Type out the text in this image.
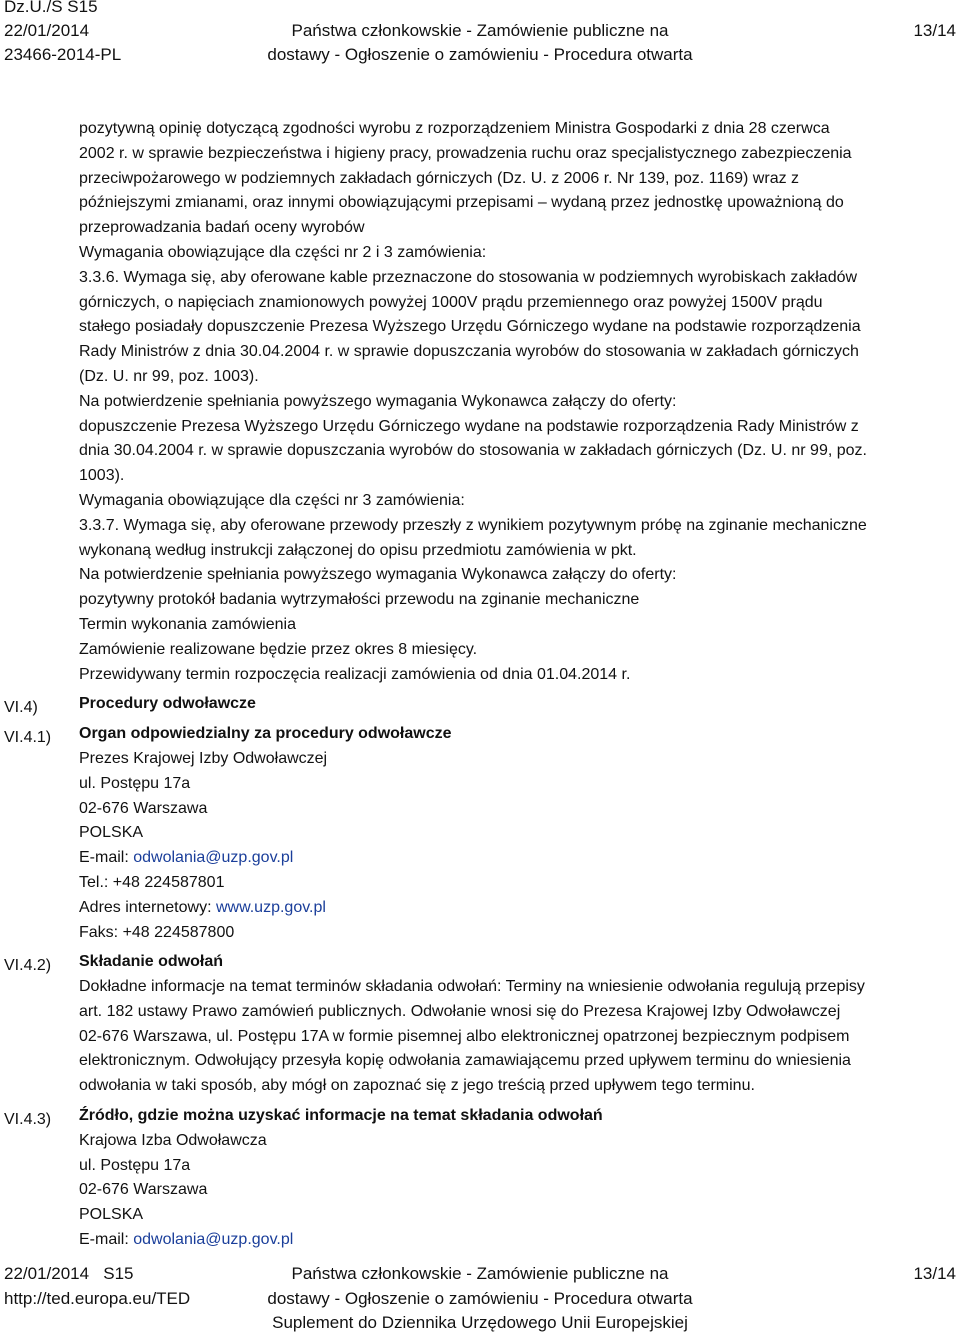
Dz.U./S S15
22/01/2014
23466-2014-PL
Państwa członkowskie - Zamówienie publiczne na
dostawy - Ogłoszenie o zamówieniu - Procedura otwarta
13/14

pozytywną opinię dotyczącą zgodności wyrobu z rozporządzeniem Ministra Gospodarki z dnia 28 czerwca

2002 r. w sprawie bezpieczeństwa i higieny pracy, prowadzenia ruchu oraz specjalistycznego zabezpieczenia

przeciwpożarowego w podziemnych zakładach górniczych (Dz. U. z 2006 r. Nr 139, poz. 1169) wraz z

późniejszymi zmianami, oraz innymi obowiązującymi przepisami – wydaną przez jednostkę upoważnioną do

przeprowadzania badań oceny wyrobów

Wymagania obowiązujące dla części nr 2 i 3 zamówienia:

3.3.6. Wymaga się, aby oferowane kable przeznaczone do stosowania w podziemnych wyrobiskach zakładów

górniczych, o napięciach znamionowych powyżej 1000V prądu przemiennego oraz powyżej 1500V prądu

stałego posiadały dopuszczenie Prezesa Wyższego Urzędu Górniczego wydane na podstawie rozporządzenia

Rady Ministrów z dnia 30.04.2004 r. w sprawie dopuszczania wyrobów do stosowania w zakładach górniczych

(Dz. U. nr 99, poz. 1003).

Na potwierdzenie spełniania powyższego wymagania Wykonawca załączy do oferty:

dopuszczenie Prezesa Wyższego Urzędu Górniczego wydane na podstawie rozporządzenia Rady Ministrów z

dnia 30.04.2004 r. w sprawie dopuszczania wyrobów do stosowania w zakładach górniczych (Dz. U. nr 99, poz.

1003).

Wymagania obowiązujące dla części nr 3 zamówienia:

3.3.7. Wymaga się, aby oferowane przewody przeszły z wynikiem pozytywnym próbę na zginanie mechaniczne

wykonaną według instrukcji załączonej do opisu przedmiotu zamówienia w pkt.

Na potwierdzenie spełniania powyższego wymagania Wykonawca załączy do oferty:

pozytywny protokół badania wytrzymałości przewodu na zginanie mechaniczne

Termin wykonania zamówienia

Zamówienie realizowane będzie przez okres 8 miesięcy.

Przewidywany termin rozpoczęcia realizacji zamówienia od dnia 01.04.2014 r.

Procedury odwoławcze

Organ odpowiedzialny za procedury odwoławcze

Prezes Krajowej Izby Odwoławczej

ul. Postępu 17a

02-676 Warszawa

POLSKA

E-mail: odwolania@uzp.gov.pl

Tel.: +48 224587801

Adres internetowy: www.uzp.gov.pl

Faks: +48 224587800

Składanie odwołań

Dokładne informacje na temat terminów składania odwołań: Terminy na wniesienie odwołania regulują przepisy

art. 182 ustawy Prawo zamówień publicznych. Odwołanie wnosi się do Prezesa Krajowej Izby Odwoławczej

02-676 Warszawa, ul. Postępu 17A w formie pisemnej albo elektronicznej opatrzonej bezpiecznym podpisem

elektronicznym. Odwołujący przesyła kopię odwołania zamawiającemu przed upływem terminu do wniesienia

odwołania w taki sposób, aby mógł on zapoznać się z jego treścią przed upływem tego terminu.

Źródło, gdzie można uzyskać informacje na temat składania odwołań

Krajowa Izba Odwoławcza

ul. Postępu 17a

02-676 Warszawa

POLSKA

E-mail: odwolania@uzp.gov.pl

VI.4)
VI.4.1)
VI.4.2)
VI.4.3)
22/01/2014 S15
http://ted.europa.eu/TED
Państwa członkowskie - Zamówienie publiczne na
dostawy - Ogłoszenie o zamówieniu - Procedura otwarta
Suplement do Dziennika Urzędowego Unii Europejskiej
13/14
